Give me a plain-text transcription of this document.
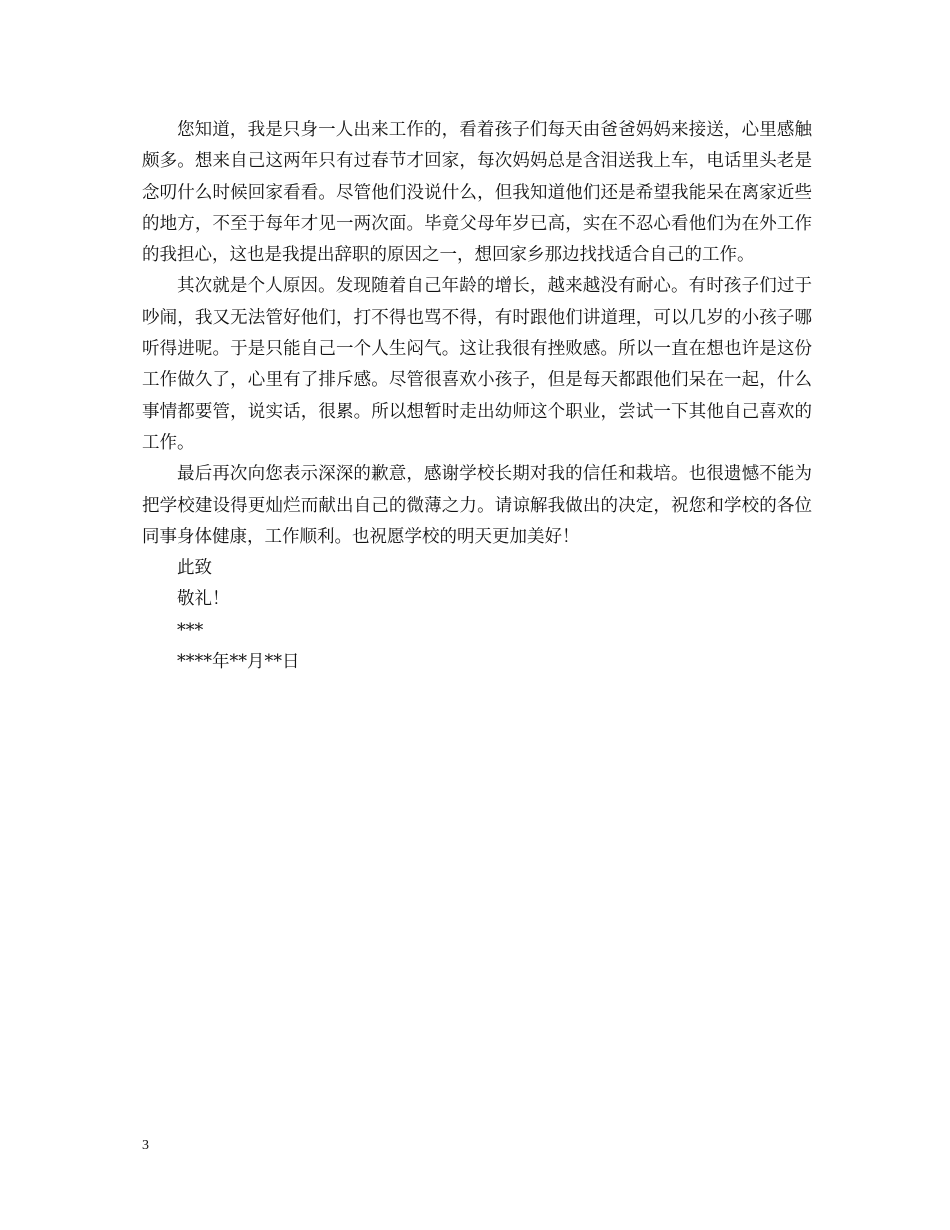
您知道，我是只身一人出来工作的，看着孩子们每天由爸爸妈妈来接送，心里感触颇多。想来自己这两年只有过春节才回家，每次妈妈总是含泪送我上车，电话里头老是念叨什么时候回家看看。尽管他们没说什么，但我知道他们还是希望我能呆在离家近些的地方，不至于每年才见一两次面。毕竟父母年岁已高，实在不忍心看他们为在外工作的我担心，这也是我提出辞职的原因之一，想回家乡那边找找适合自己的工作。

其次就是个人原因。发现随着自己年龄的增长，越来越没有耐心。有时孩子们过于吵闹，我又无法管好他们，打不得也骂不得，有时跟他们讲道理，可以几岁的小孩子哪听得进呢。于是只能自己一个人生闷气。这让我很有挫败感。所以一直在想也许是这份工作做久了，心里有了排斥感。尽管很喜欢小孩子，但是每天都跟他们呆在一起，什么事情都要管，说实话，很累。所以想暂时走出幼师这个职业，尝试一下其他自己喜欢的工作。

最后再次向您表示深深的歉意，感谢学校长期对我的信任和栽培。也很遗憾不能为把学校建设得更灿烂而献出自己的微薄之力。请谅解我做出的决定，祝您和学校的各位同事身体健康，工作顺利。也祝愿学校的明天更加美好！

此致

敬礼！

***

****年**月**日

3
